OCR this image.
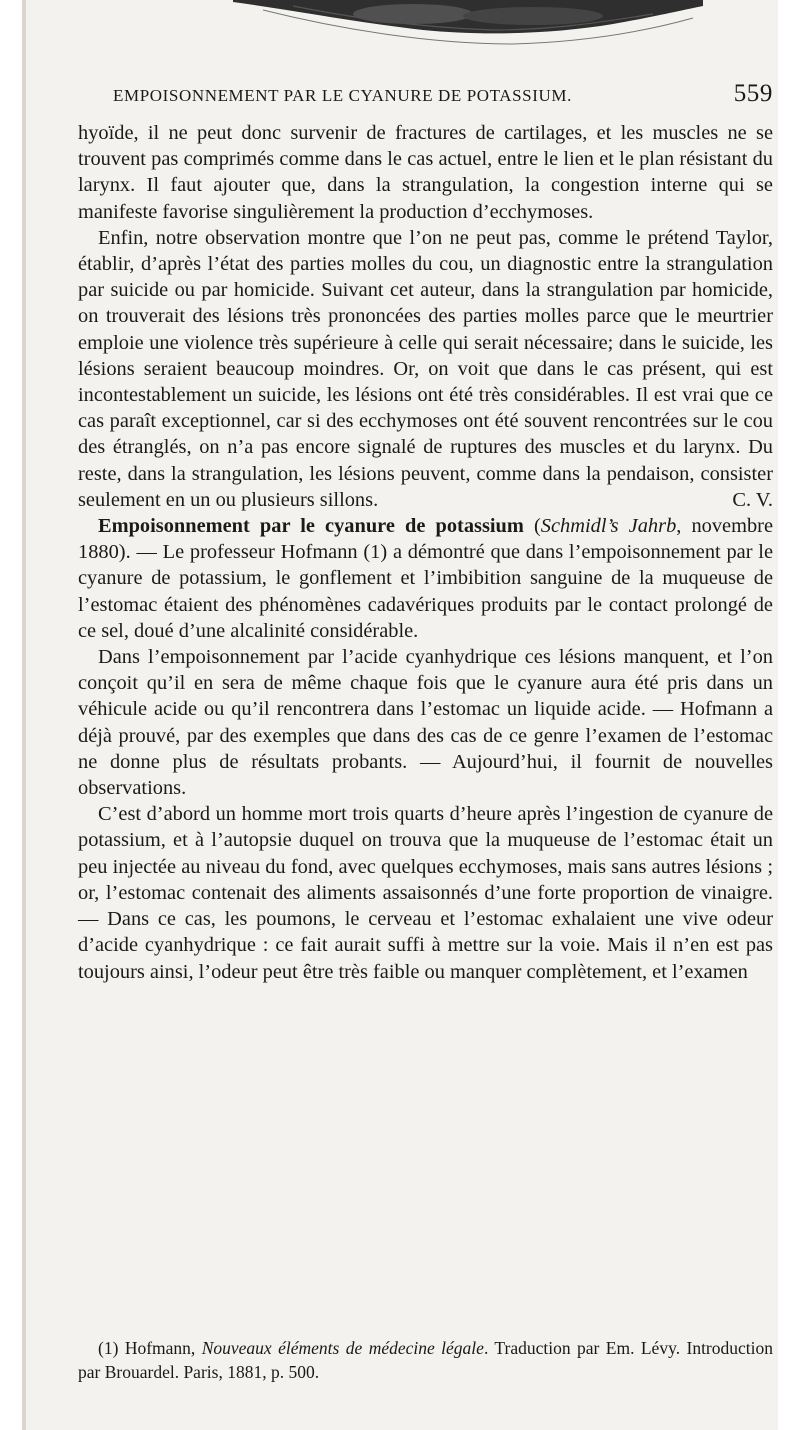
EMPOISONNEMENT PAR LE CYANURE DE POTASSIUM.	559

hyoïde, il ne peut donc survenir de fractures de cartilages, et les muscles ne se trouvent pas comprimés comme dans le cas actuel, entre le lien et le plan résistant du larynx. Il faut ajouter que, dans la strangulation, la congestion interne qui se manifeste favorise singulièrement la production d’ecchymoses.

Enfin, notre observation montre que l’on ne peut pas, comme le prétend Taylor, établir, d’après l’état des parties molles du cou, un diagnostic entre la strangulation par suicide ou par homicide. Suivant cet auteur, dans la strangulation par homicide, on trouverait des lésions très prononcées des parties molles parce que le meurtrier emploie une violence très supérieure à celle qui serait nécessaire; dans le suicide, les lésions seraient beaucoup moindres. Or, on voit que dans le cas présent, qui est incontestablement un suicide, les lésions ont été très considérables. Il est vrai que ce cas paraît exceptionnel, car si des ecchymoses ont été souvent rencontrées sur le cou des étranglés, on n’a pas encore signalé de ruptures des muscles et du larynx. Du reste, dans la strangulation, les lésions peuvent, comme dans la pendaison, consister seulement en un ou plusieurs sillons.	C. V.

Empoisonnement par le cyanure de potassium (Schmidl’s Jahrb, novembre 1880). — Le professeur Hofmann (1) a démontré que dans l’empoisonnement par le cyanure de potassium, le gonflement et l’imbibition sanguine de la muqueuse de l’estomac étaient des phénomènes cadavériques produits par le contact prolongé de ce sel, doué d’une alcalinité considérable.

Dans l’empoisonnement par l’acide cyanhydrique ces lésions manquent, et l’on conçoit qu’il en sera de même chaque fois que le cyanure aura été pris dans un véhicule acide ou qu’il rencontrera dans l’estomac un liquide acide. — Hofmann a déjà prouvé, par des exemples que dans des cas de ce genre l’examen de l’estomac ne donne plus de résultats probants. — Aujourd’hui, il fournit de nouvelles observations.

C’est d’abord un homme mort trois quarts d’heure après l’ingestion de cyanure de potassium, et à l’autopsie duquel on trouva que la muqueuse de l’estomac était un peu injectée au niveau du fond, avec quelques ecchymoses, mais sans autres lésions ; or, l’estomac contenait des aliments assaisonnés d’une forte proportion de vinaigre. — Dans ce cas, les poumons, le cerveau et l’estomac exhalaient une vive odeur d’acide cyanhydrique : ce fait aurait suffi à mettre sur la voie. Mais il n’en est pas toujours ainsi, l’odeur peut être très faible ou manquer complètement, et l’examen

(1) Hofmann, Nouveaux éléments de médecine légale. Traduction par Em. Lévy. Introduction par Brouardel. Paris, 1881, p. 500.
